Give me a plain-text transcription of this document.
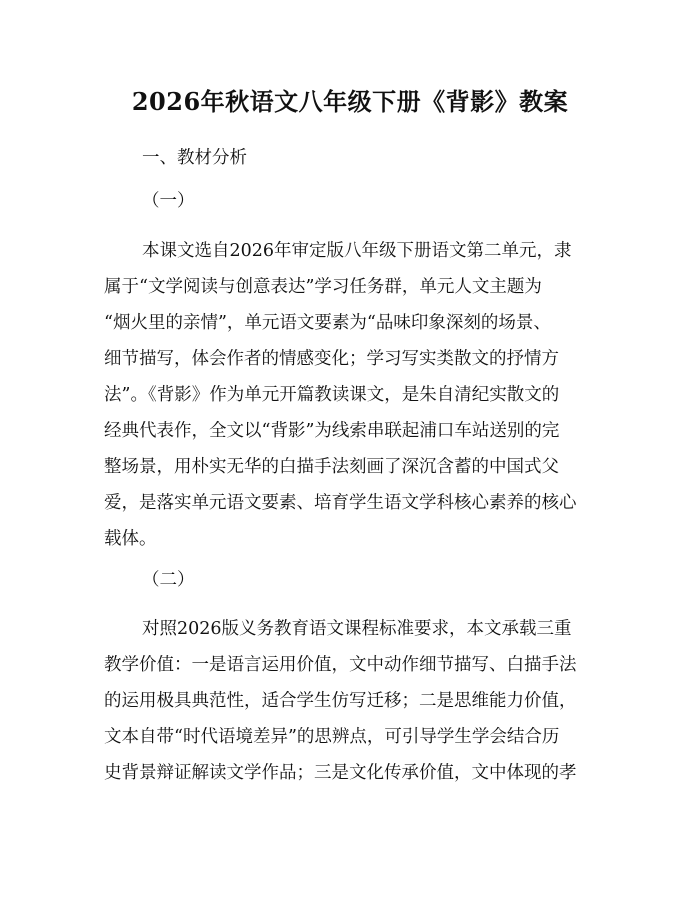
2026年秋语文八年级下册《背影》教案
一、教材分析
（一）
本课文选自2026年审定版八年级下册语文第二单元，隶
属于“文学阅读与创意表达”学习任务群，单元人文主题为
“烟火里的亲情”，单元语文要素为“品味印象深刻的场景、
细节描写，体会作者的情感变化；学习写实类散文的抒情方
法”。《背影》作为单元开篇教读课文，是朱自清纪实散文的
经典代表作，全文以“背影”为线索串联起浦口车站送别的完
整场景，用朴实无华的白描手法刻画了深沉含蓄的中国式父
爱，是落实单元语文要素、培育学生语文学科核心素养的核心
载体。
（二）
对照2026版义务教育语文课程标准要求，本文承载三重
教学价值：一是语言运用价值，文中动作细节描写、白描手法
的运用极具典范性，适合学生仿写迁移；二是思维能力价值，
文本自带“时代语境差异”的思辨点，可引导学生学会结合历
史背景辩证解读文学作品；三是文化传承价值，文中体现的孝
